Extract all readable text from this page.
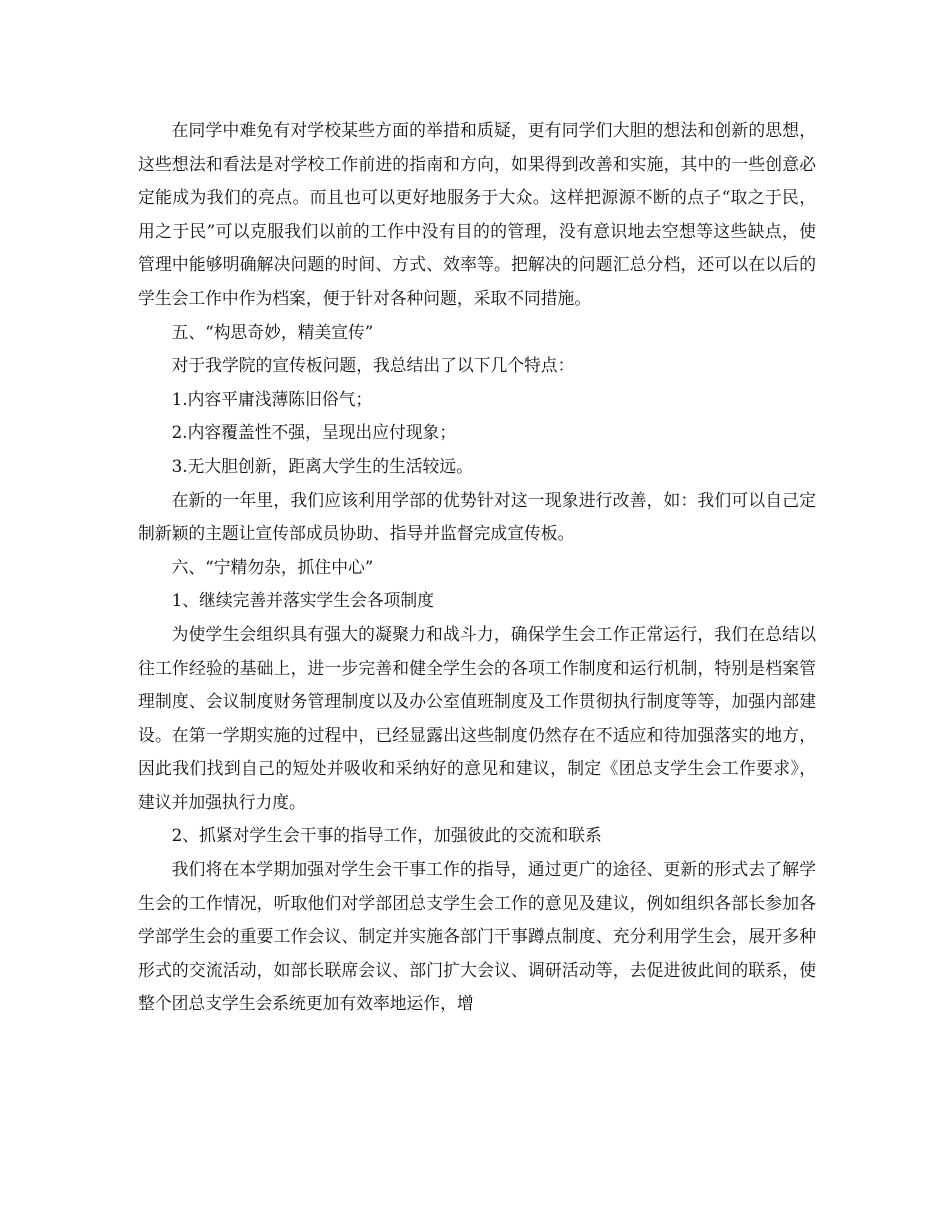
在同学中难免有对学校某些方面的举措和质疑，更有同学们大胆的想法和创新的思想，这些想法和看法是对学校工作前进的指南和方向，如果得到改善和实施，其中的一些创意必定能成为我们的亮点。而且也可以更好地服务于大众。这样把源源不断的点子“取之于民，用之于民”可以克服我们以前的工作中没有目的的管理，没有意识地去空想等这些缺点，使管理中能够明确解决问题的时间、方式、效率等。把解决的问题汇总分档，还可以在以后的学生会工作中作为档案，便于针对各种问题，采取不同措施。

五、“构思奇妙，精美宣传”

对于我学院的宣传板问题，我总结出了以下几个特点：

1.内容平庸浅薄陈旧俗气；

2.内容覆盖性不强，呈现出应付现象；

3.无大胆创新，距离大学生的生活较远。

在新的一年里，我们应该利用学部的优势针对这一现象进行改善，如：我们可以自己定制新颖的主题让宣传部成员协助、指导并监督完成宣传板。

六、“宁精勿杂，抓住中心”

1、继续完善并落实学生会各项制度

为使学生会组织具有强大的凝聚力和战斗力，确保学生会工作正常运行，我们在总结以往工作经验的基础上，进一步完善和健全学生会的各项工作制度和运行机制，特别是档案管理制度、会议制度财务管理制度以及办公室值班制度及工作贯彻执行制度等等，加强内部建设。在第一学期实施的过程中，已经显露出这些制度仍然存在不适应和待加强落实的地方，因此我们找到自己的短处并吸收和采纳好的意见和建议，制定《团总支学生会工作要求》，建议并加强执行力度。

2、抓紧对学生会干事的指导工作，加强彼此的交流和联系

我们将在本学期加强对学生会干事工作的指导，通过更广的途径、更新的形式去了解学生会的工作情况，听取他们对学部团总支学生会工作的意见及建议，例如组织各部长参加各学部学生会的重要工作会议、制定并实施各部门干事蹲点制度、充分利用学生会，展开多种形式的交流活动，如部长联席会议、部门扩大会议、调研活动等，去促进彼此间的联系，使整个团总支学生会系统更加有效率地运作，增
